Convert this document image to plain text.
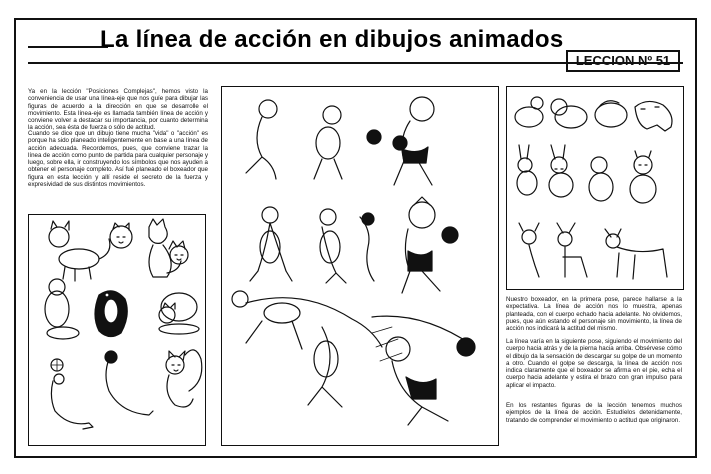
La línea de acción en dibujos animados
LECCION Nº 51

Ya en la lección "Posiciones Complejas", hemos visto la conveniencia de usar una línea-eje que nos guíe para dibujar las figuras de acuerdo a la dirección en que se desarrolle el movimiento. Esta línea-eje es llamada también línea de acción y conviene volver a destacar su importancia, por cuanto determina la acción, sea ésta de fuerza o sólo de actitud.

Cuando se dice que un dibujo tiene mucha "vida" o "acción" es porque ha sido planeado inteligentemente en base a una línea de acción adecuada. Recordemos, pues, que conviene trazar la línea de acción como punto de partida para cualquier personaje y luego, sobre ella, ir construyendo los símbolos que nos ayuden a obtener el personaje completo. Así fué planeado el boxeador que figura en esta lección y allí reside el secreto de la fuerza y expresividad de sus distintos movimientos.

Nuestro boxeador, en la primera pose, parece hallarse a la expectativa. La línea de acción nos lo muestra, apenas planteada, con el cuerpo echado hacia adelante. No olvidemos, pues, que aún estando el personaje sin movimiento, la línea de acción nos indicará la actitud del mismo.

La línea varía en la siguiente pose, siguiendo el movimiento del cuerpo hacia atrás y de la pierna hacia arriba. Obsérvese cómo el dibujo da la sensación de descargar su golpe de un momento a otro. Cuando el golpe se descarga, la línea de acción nos indica claramente que el boxeador se afirma en el pie, echa el cuerpo hacia adelante y estira el brazo con gran impulso para aplicar el impacto.

En los restantes figuras de la lección tenemos muchos ejemplos de la línea de acción. Estudíelos detenidamente, tratando de comprender el movimiento o actitud que originaron.
